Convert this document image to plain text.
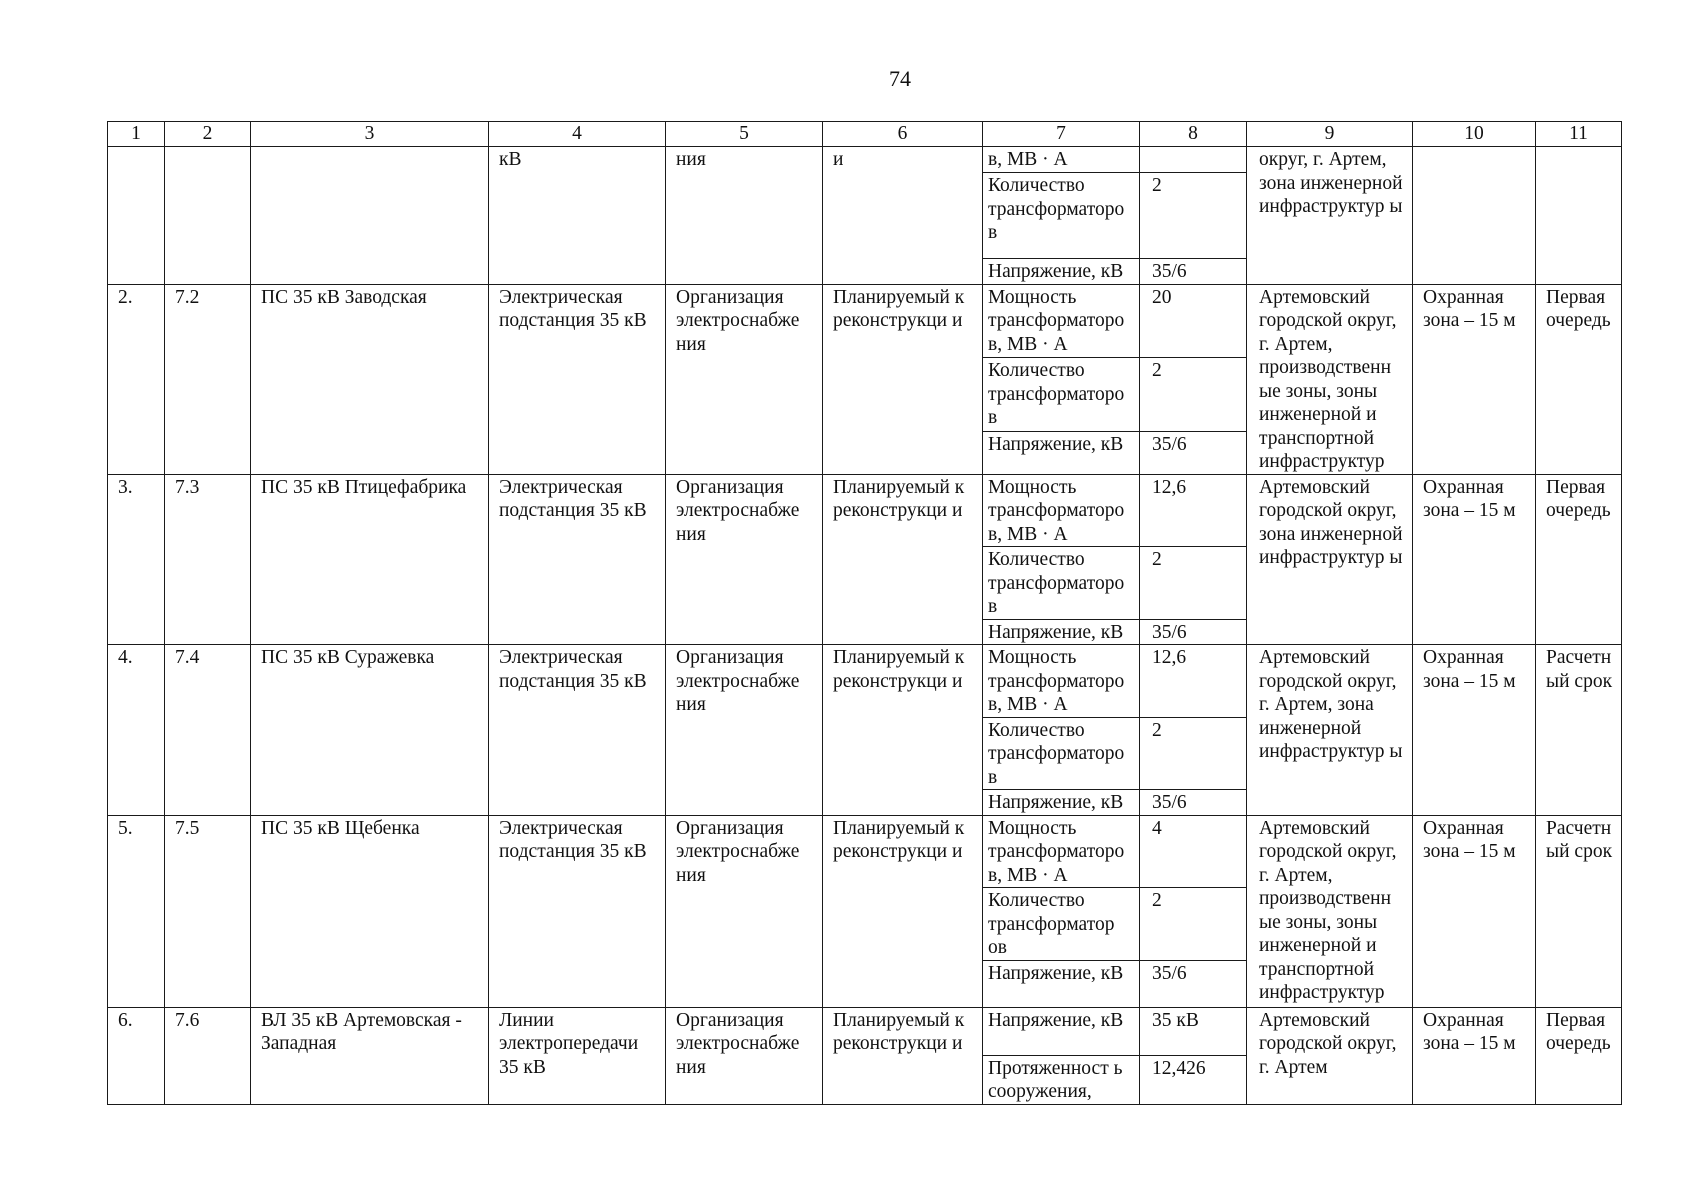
74
1	2	3	4	5	6	7	8	9	10	11
			кВ	ния	и	в, МВ · А		округ, г. Артем, зона инженерной инфраструктур ы		
						Количество трансформаторо в	2			
						Напряжение, кВ	35/6			
2.	7.2	ПС 35 кВ Заводская	Электрическая подстанция 35 кВ	Организация электроснабже ния	Планируемый к реконструкци и	Мощность трансформаторо в, МВ · А	20	Артемовский городской округ, г. Артем, производственн ые зоны, зоны инженерной и транспортной инфраструктур	Охранная зона – 15 м	Первая очередь
						Количество трансформаторо в	2			
						Напряжение, кВ	35/6			
3.	7.3	ПС 35 кВ Птицефабрика	Электрическая подстанция 35 кВ	Организация электроснабже ния	Планируемый к реконструкци и	Мощность трансформаторо в, МВ · А	12,6	Артемовский городской округ, зона инженерной инфраструктур ы	Охранная зона – 15 м	Первая очередь
						Количество трансформаторо в	2			
						Напряжение, кВ	35/6			
4.	7.4	ПС 35 кВ Суражевка	Электрическая подстанция 35 кВ	Организация электроснабже ния	Планируемый к реконструкци и	Мощность трансформаторо в, МВ · А	12,6	Артемовский городской округ, г. Артем, зона инженерной инфраструктур ы	Охранная зона – 15 м	Расчетн ый срок
						Количество трансформаторо в	2			
						Напряжение, кВ	35/6			
5.	7.5	ПС 35 кВ Щебенка	Электрическая подстанция 35 кВ	Организация электроснабже ния	Планируемый к реконструкци и	Мощность трансформаторо в, МВ · А	4	Артемовский городской округ, г. Артем, производственн ые зоны, зоны инженерной и транспортной инфраструктур	Охранная зона – 15 м	Расчетн ый срок
						Количество трансформатор ов	2			
						Напряжение, кВ	35/6			
6.	7.6	ВЛ 35 кВ Артемовская - Западная	Линии электропередачи 35 кВ	Организация электроснабже ния	Планируемый к реконструкци и	Напряжение, кВ	35 кВ	Артемовский городской округ, г. Артем	Охранная зона – 15 м	Первая очередь
						Протяженност ь сооружения,	12,426			
